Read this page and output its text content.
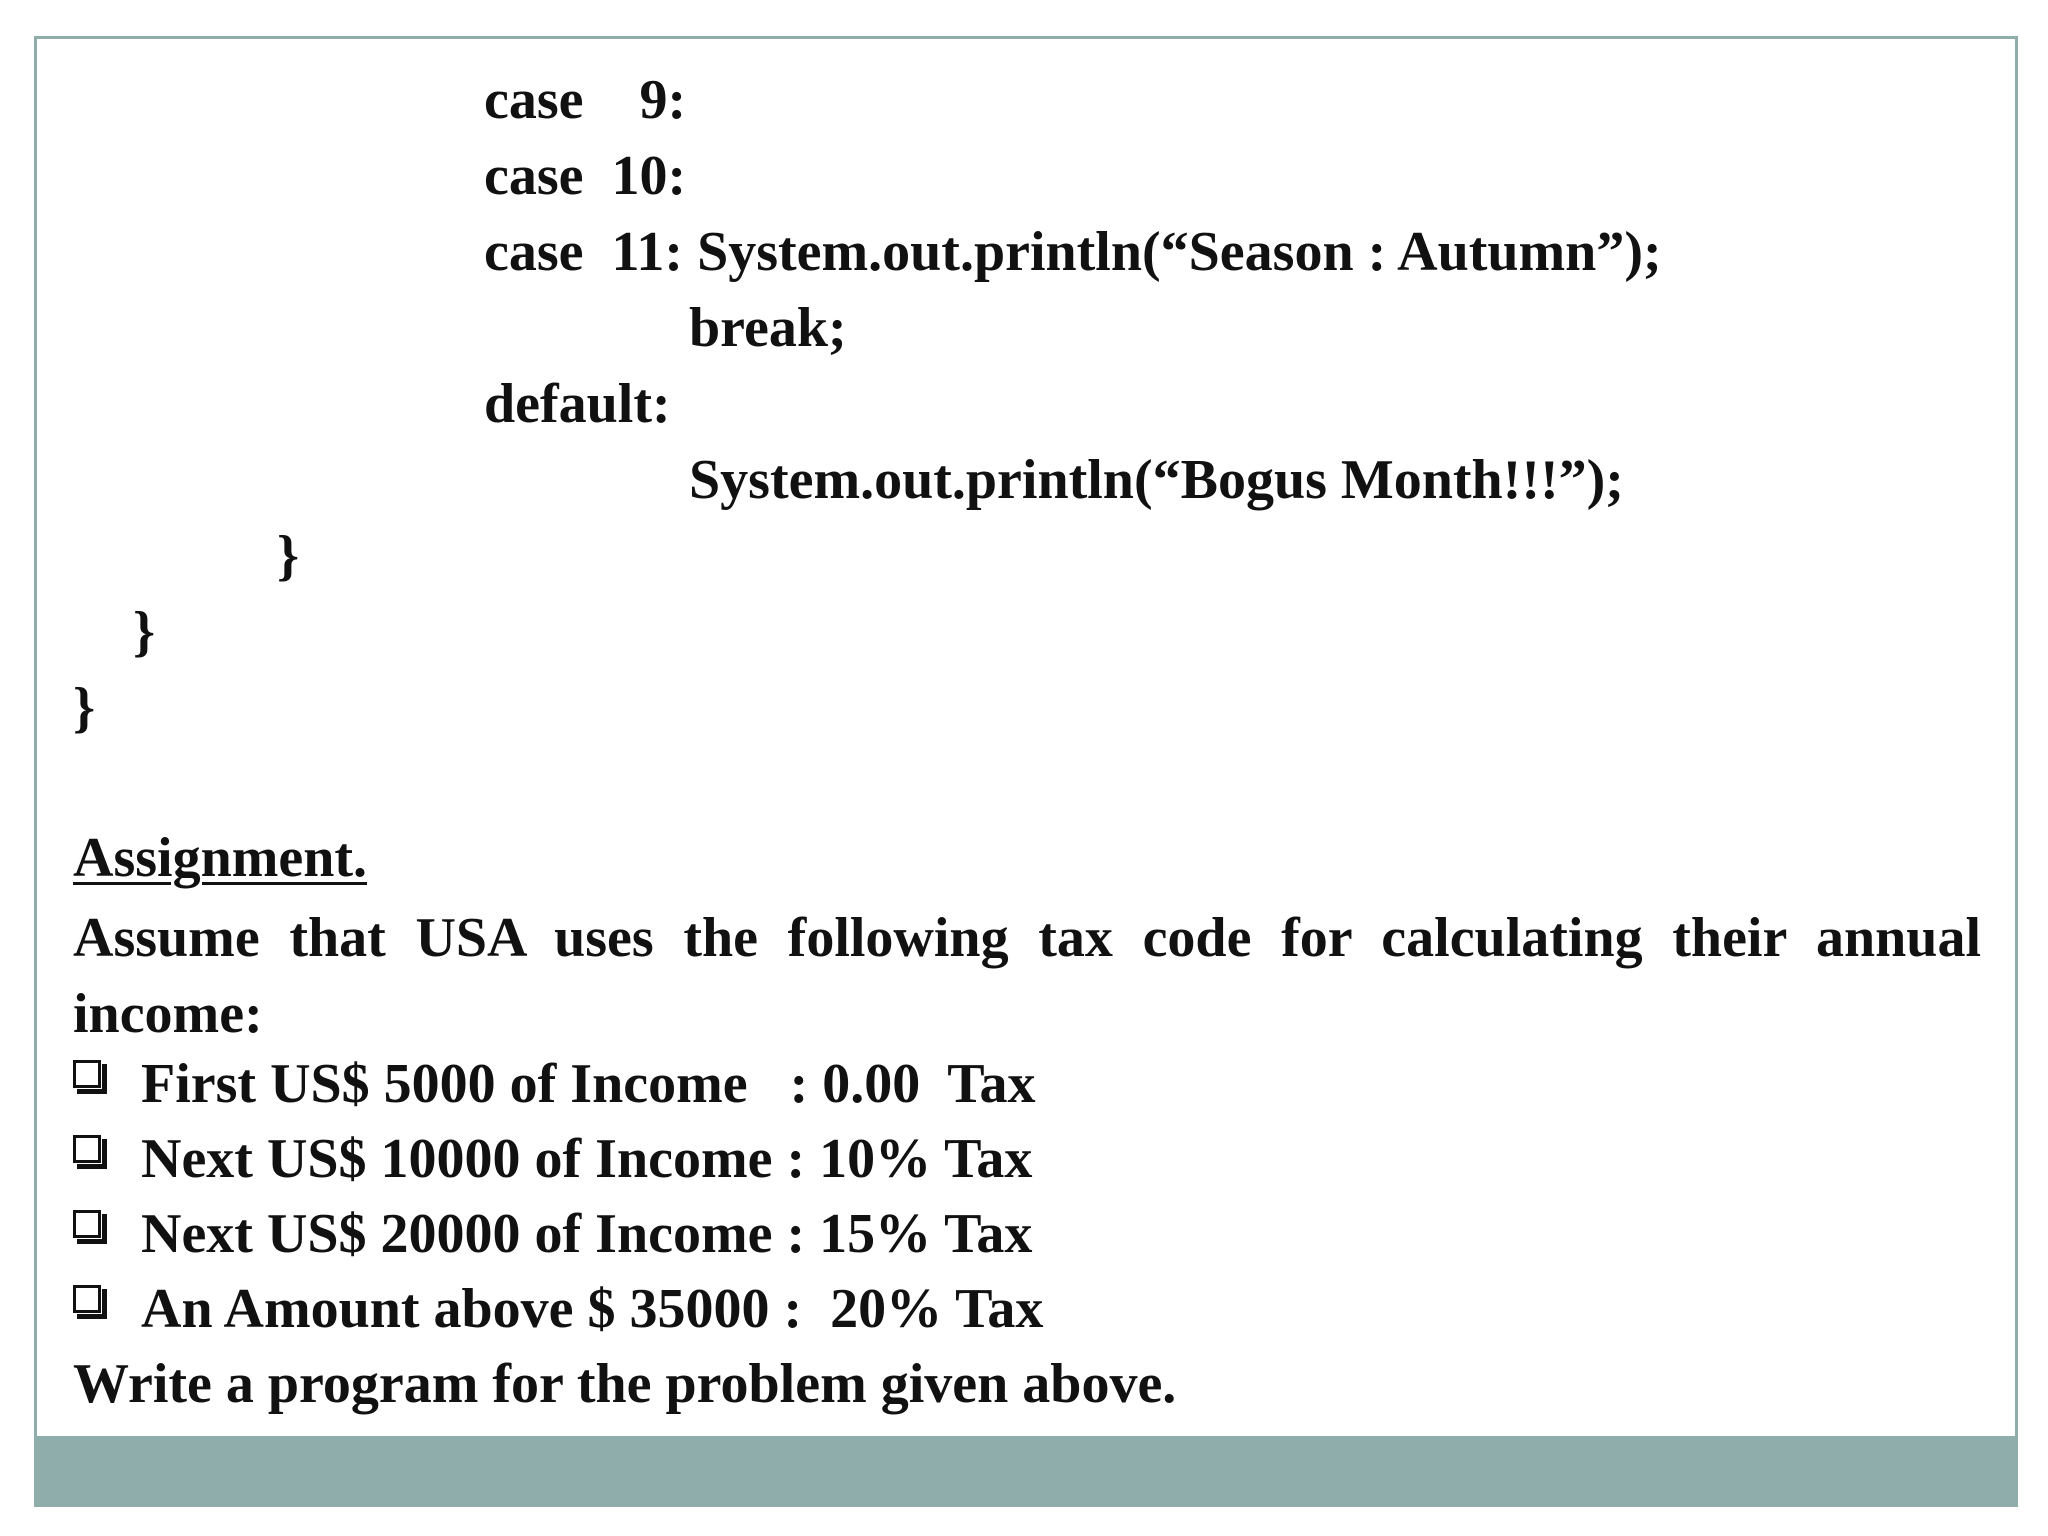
case    9:
case  10:
case  11: System.out.println(“Season : Autumn”);
break;
default:
System.out.println(“Bogus Month!!!”);
}
}
}
Assignment.
Assume that USA uses the following tax code for calculating their annual income:
First US$ 5000 of Income   : 0.00  Tax
Next US$ 10000 of Income : 10% Tax
Next US$ 20000 of Income : 15% Tax
An Amount above $ 35000 :  20% Tax
Write a program for the problem given above.
